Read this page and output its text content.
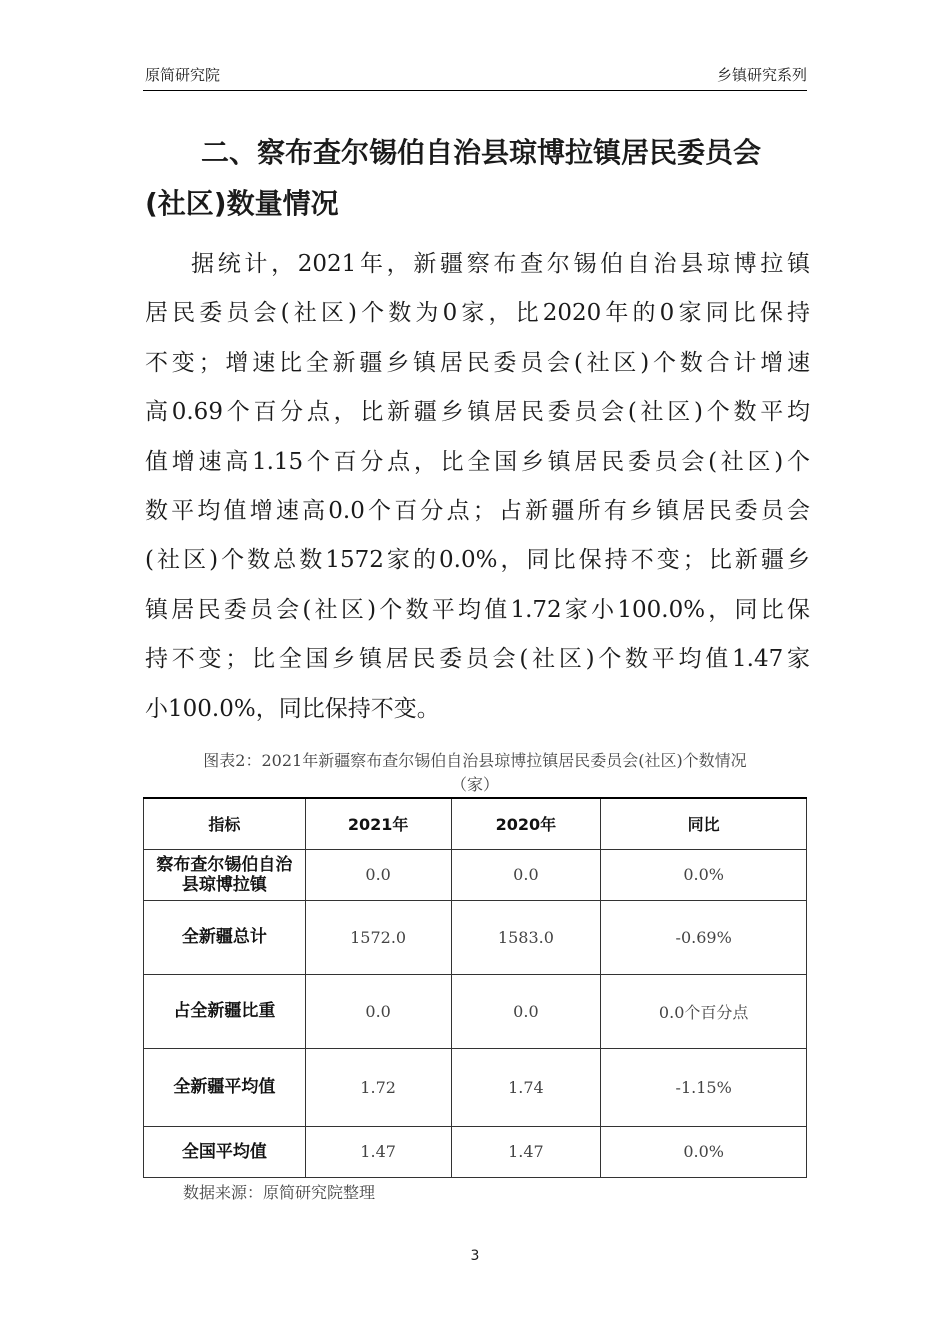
原简研究院	乡镇研究系列
二、察布查尔锡伯自治县琼博拉镇居民委员会
(社区)数量情况
据统计，2021年，新疆察布查尔锡伯自治县琼博拉镇
居民委员会(社区)个数为0家，比2020年的0家同比保持
不变；增速比全新疆乡镇居民委员会(社区)个数合计增速
高0.69个百分点，比新疆乡镇居民委员会(社区)个数平均
值增速高1.15个百分点，比全国乡镇居民委员会(社区)个
数平均值增速高0.0个百分点；占新疆所有乡镇居民委员会
(社区)个数总数1572家的0.0%，同比保持不变；比新疆乡
镇居民委员会(社区)个数平均值1.72家小100.0%，同比保
持不变；比全国乡镇居民委员会(社区)个数平均值1.47家
小100.0%，同比保持不变。
图表2：2021年新疆察布查尔锡伯自治县琼博拉镇居民委员会(社区)个数情况
（家）
指标	2021年	2020年	同比
察布查尔锡伯自治县琼博拉镇	0.0	0.0	0.0%
全新疆总计	1572.0	1583.0	-0.69%
占全新疆比重	0.0	0.0	0.0个百分点
全新疆平均值	1.72	1.74	-1.15%
全国平均值	1.47	1.47	0.0%
数据来源：原简研究院整理
3
